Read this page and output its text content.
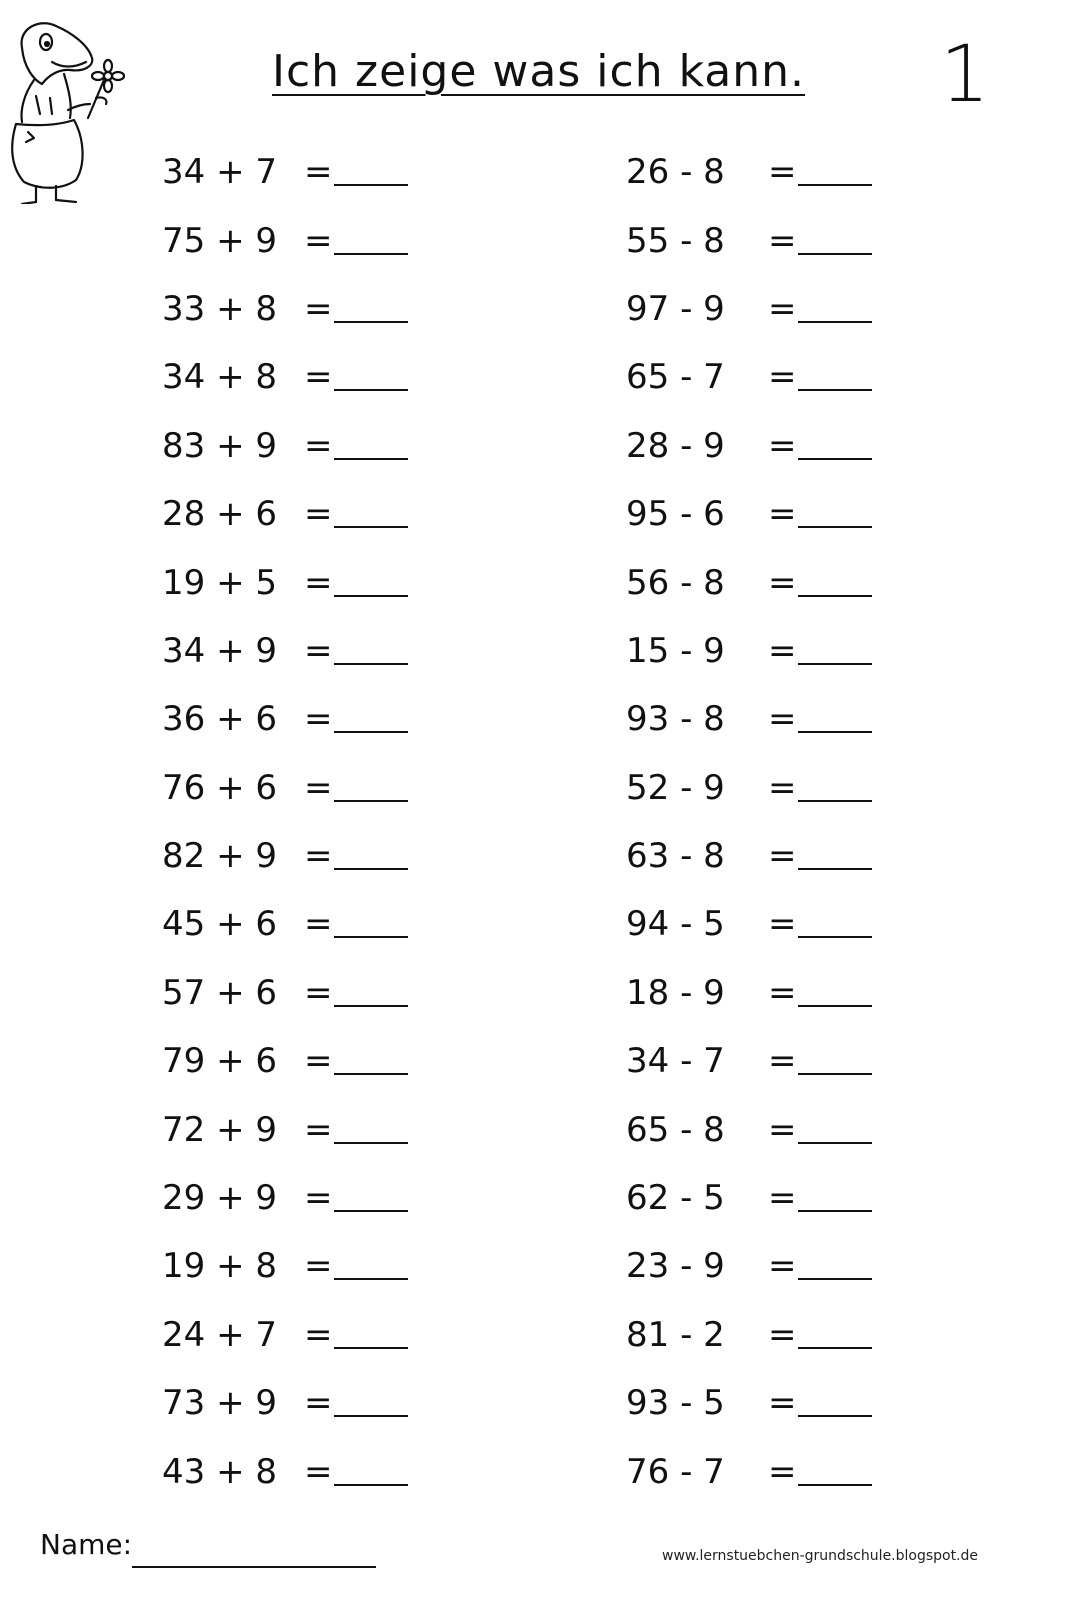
Ich zeige was ich kann. 1
34 + 7 =
75 + 9 =
33 + 8 =
34 + 8 =
83 + 9 =
28 + 6 =
19 + 5 =
34 + 9 =
36 + 6 =
76 + 6 =
82 + 9 =
45 + 6 =
57 + 6 =
79 + 6 =
72 + 9 =
29 + 9 =
19 + 8 =
24 + 7 =
73 + 9 =
43 + 8 =
26 - 8	=
55 - 8	=
97 - 9	=
65 - 7	=
28 - 9	=
95 - 6	=
56 - 8	=
15 - 9	=
93 - 8	=
52 - 9	=
63 - 8	=
94 - 5	=
18 - 9	=
34 - 7	=
65 - 8	=
62 - 5	=
23 - 9	=
81 - 2	=
93 - 5	=
76 - 7	=
Name:	www.lernstuebchen-grundschule.blogspot.de
